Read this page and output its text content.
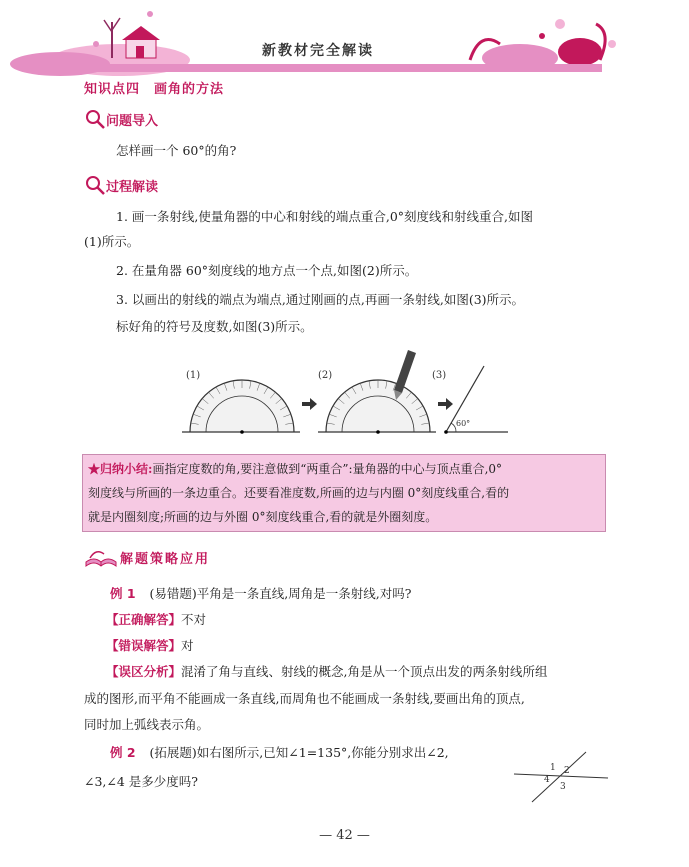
新教材完全解读
知识点四　画角的方法
问题导入
怎样画一个 60°的角?
过程解读
1. 画一条射线,使量角器的中心和射线的端点重合,0°刻度线和射线重合,如图
(1)所示。
2. 在量角器 60°刻度线的地方点一个点,如图(2)所示。
3. 以画出的射线的端点为端点,通过刚画的点,再画一条射线,如图(3)所示。
标好角的符号及度数,如图(3)所示。
(1)	(2)	(3)
60°
★归纳小结:画指定度数的角,要注意做到“两重合”:量角器的中心与顶点重合,0°
刻度线与所画的一条边重合。还要看准度数,所画的边与内圈 0°刻度线重合,看的
就是内圈刻度;所画的边与外圈 0°刻度线重合,看的就是外圈刻度。
解题策略应用
例 1 (易错题)平角是一条直线,周角是一条射线,对吗?
【正确解答】不对
【错误解答】对
【误区分析】混淆了角与直线、射线的概念,角是从一个顶点出发的两条射线所组
成的图形,而平角不能画成一条直线,而周角也不能画成一条射线,要画出角的顶点,
同时加上弧线表示角。
例 2 (拓展题)如右图所示,已知∠1=135°,你能分别求出∠2,
∠3,∠4 是多少度吗?
1 2
3
4
— 42 —
